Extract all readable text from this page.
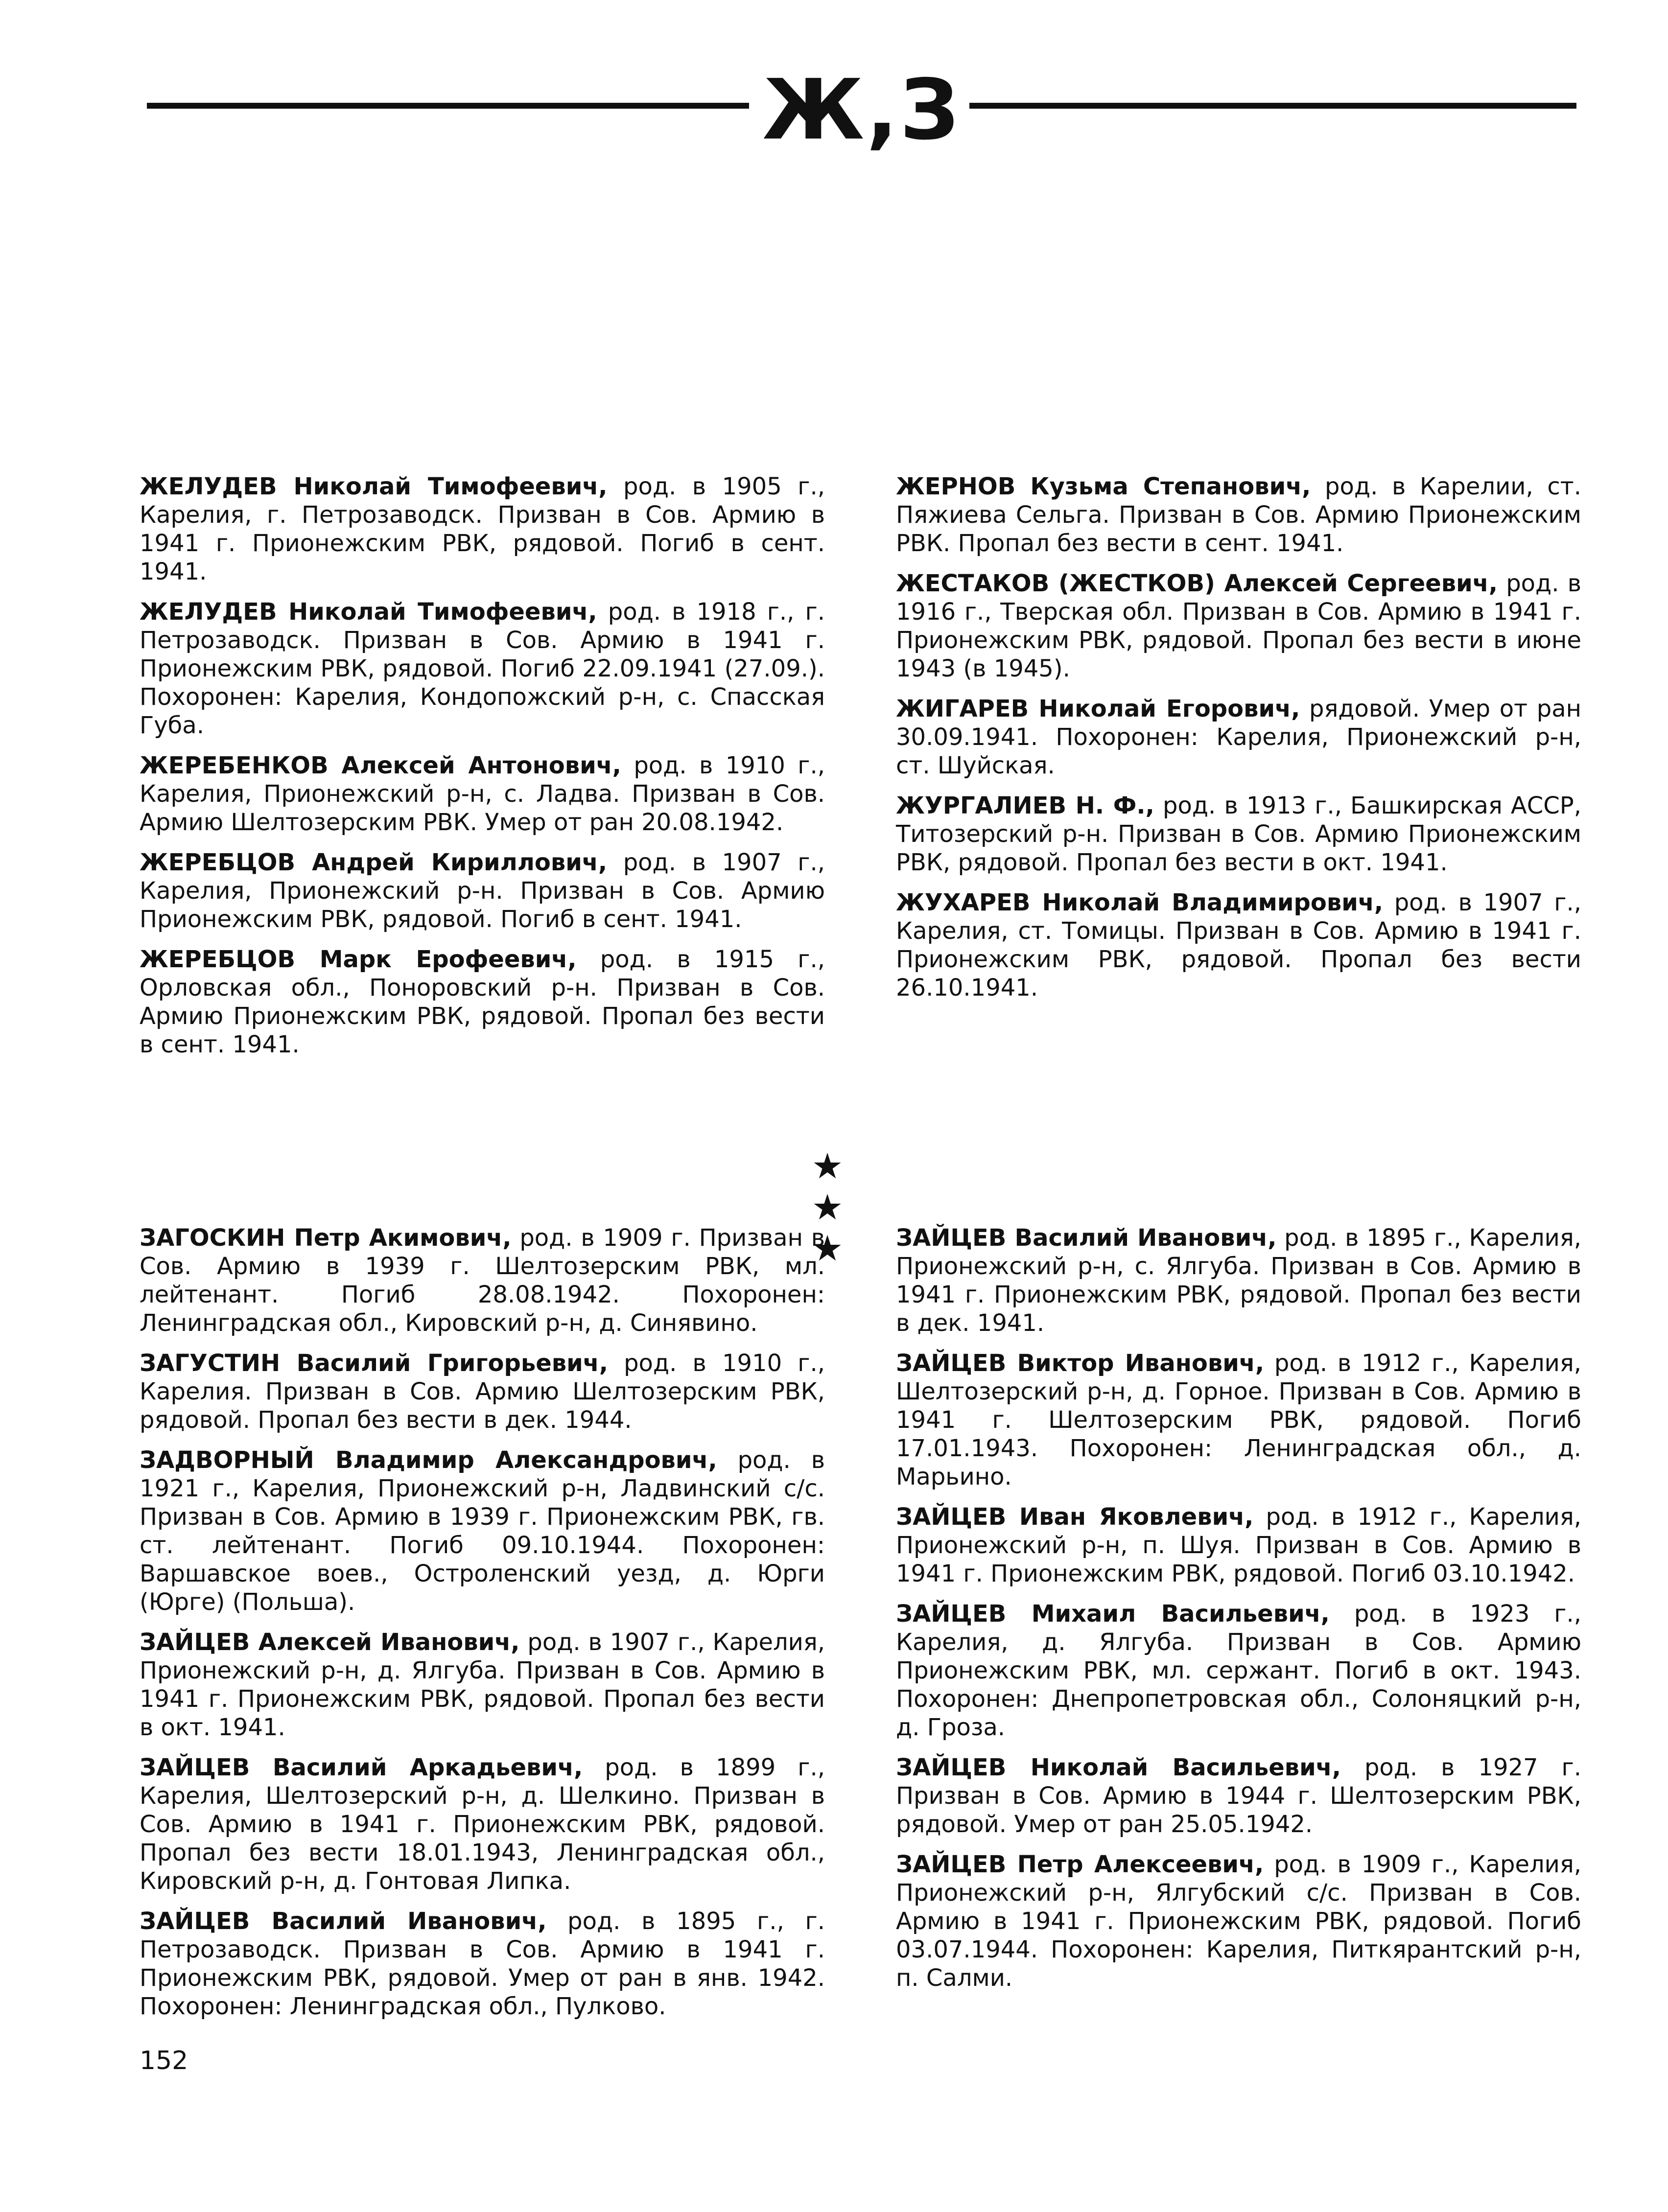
Ж,З

ЖЕЛУДЕВ Николай Тимофеевич, род. в 1905 г., Карелия, г. Петрозаводск. Призван в Сов. Армию в 1941 г. Прионежским РВК, рядовой. Погиб в сент. 1941.

ЖЕЛУДЕВ Николай Тимофеевич, род. в 1918 г., г. Петрозаводск. Призван в Сов. Армию в 1941 г. Прионежским РВК, рядовой. Погиб 22.09.1941 (27.09.). Похоронен: Карелия, Кондопожский р-н, с. Спасская Губа.

ЖЕРЕБЕНКОВ Алексей Антонович, род. в 1910 г., Карелия, Прионежский р-н, с. Ладва. Призван в Сов. Армию Шелтозерским РВК. Умер от ран 20.08.1942.

ЖЕРЕБЦОВ Андрей Кириллович, род. в 1907 г., Карелия, Прионежский р-н. Призван в Сов. Армию Прионежским РВК, рядовой. Погиб в сент. 1941.

ЖЕРЕБЦОВ Марк Ерофеевич, род. в 1915 г., Орловская обл., Поноровский р-н. Призван в Сов. Армию Прионежским РВК, рядовой. Пропал без вести в сент. 1941.

ЖЕРНОВ Кузьма Степанович, род. в Карелии, ст. Пяжиева Сельга. Призван в Сов. Армию Прионежским РВК. Пропал без вести в сент. 1941.

ЖЕСТАКОВ (ЖЕСТКОВ) Алексей Сергеевич, род. в 1916 г., Тверская обл. Призван в Сов. Армию в 1941 г. Прионежским РВК, рядовой. Пропал без вести в июне 1943 (в 1945).

ЖИГАРЕВ Николай Егорович, рядовой. Умер от ран 30.09.1941. Похоронен: Карелия, Прионежский р-н, ст. Шуйская.

ЖУРГАЛИЕВ Н. Ф., род. в 1913 г., Башкирская АССР, Титозерский р-н. Призван в Сов. Армию Прионежским РВК, рядовой. Пропал без вести в окт. 1941.

ЖУХАРЕВ Николай Владимирович, род. в 1907 г., Карелия, ст. Томицы. Призван в Сов. Армию в 1941 г. Прионежским РВК, рядовой. Пропал без вести 26.10.1941.

★ ★ ★

ЗАГОСКИН Петр Акимович, род. в 1909 г. Призван в Сов. Армию в 1939 г. Шелтозерским РВК, мл. лейтенант. Погиб 28.08.1942. Похоронен: Ленинградская обл., Кировский р-н, д. Синявино.

ЗАГУСТИН Василий Григорьевич, род. в 1910 г., Карелия. Призван в Сов. Армию Шелтозерским РВК, рядовой. Пропал без вести в дек. 1944.

ЗАДВОРНЫЙ Владимир Александрович, род. в 1921 г., Карелия, Прионежский р-н, Ладвинский с/с. Призван в Сов. Армию в 1939 г. Прионежским РВК, гв. ст. лейтенант. Погиб 09.10.1944. Похоронен: Варшавское воев., Остроленский уезд, д. Юрги (Юрге) (Польша).

ЗАЙЦЕВ Алексей Иванович, род. в 1907 г., Карелия, Прионежский р-н, д. Ялгуба. Призван в Сов. Армию в 1941 г. Прионежским РВК, рядовой. Пропал без вести в окт. 1941.

ЗАЙЦЕВ Василий Аркадьевич, род. в 1899 г., Карелия, Шелтозерский р-н, д. Шелкино. Призван в Сов. Армию в 1941 г. Прионежским РВК, рядовой. Пропал без вести 18.01.1943, Ленинградская обл., Кировский р-н, д. Гонтовая Липка.

ЗАЙЦЕВ Василий Иванович, род. в 1895 г., г. Петрозаводск. Призван в Сов. Армию в 1941 г. Прионежским РВК, рядовой. Умер от ран в янв. 1942. Похоронен: Ленинградская обл., Пулково.

ЗАЙЦЕВ Василий Иванович, род. в 1895 г., Карелия, Прионежский р-н, с. Ялгуба. Призван в Сов. Армию в 1941 г. Прионежским РВК, рядовой. Пропал без вести в дек. 1941.

ЗАЙЦЕВ Виктор Иванович, род. в 1912 г., Карелия, Шелтозерский р-н, д. Горное. Призван в Сов. Армию в 1941 г. Шелтозерским РВК, рядовой. Погиб 17.01.1943. Похоронен: Ленинградская обл., д. Марьино.

ЗАЙЦЕВ Иван Яковлевич, род. в 1912 г., Карелия, Прионежский р-н, п. Шуя. Призван в Сов. Армию в 1941 г. Прионежским РВК, рядовой. Погиб 03.10.1942.

ЗАЙЦЕВ Михаил Васильевич, род. в 1923 г., Карелия, д. Ялгуба. Призван в Сов. Армию Прионежским РВК, мл. сержант. Погиб в окт. 1943. Похоронен: Днепропетровская обл., Солоняцкий р-н, д. Гроза.

ЗАЙЦЕВ Николай Васильевич, род. в 1927 г. Призван в Сов. Армию в 1944 г. Шелтозерским РВК, рядовой. Умер от ран 25.05.1942.

ЗАЙЦЕВ Петр Алексеевич, род. в 1909 г., Карелия, Прионежский р-н, Ялгубский с/с. Призван в Сов. Армию в 1941 г. Прионежским РВК, рядовой. Погиб 03.07.1944. Похоронен: Карелия, Питкярантский р-н, п. Салми.

152
